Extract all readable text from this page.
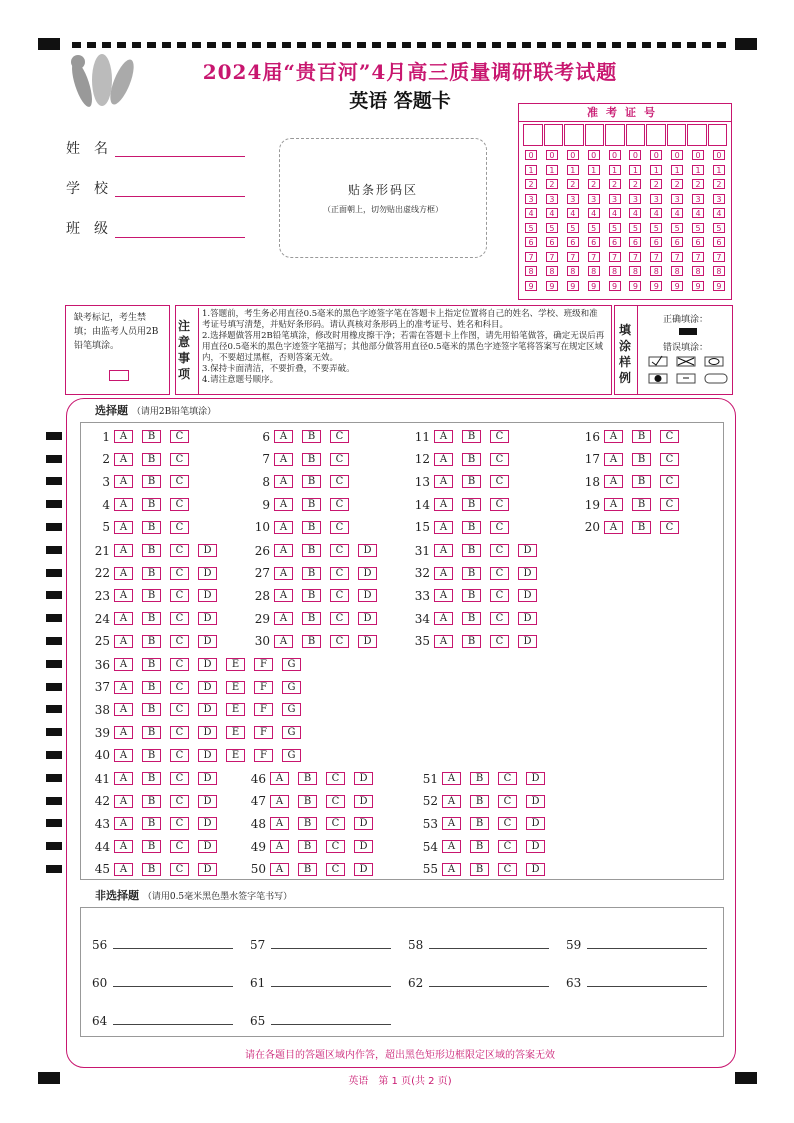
2024届“贵百河”4月高三质量调研联考试题
英语 答题卡
姓名
学校
班级
贴条形码区
（正面朝上，切勿贴出虚线方框）
准考证号
0	0	0	0	0	0	0	0	0	0
1	1	1	1	1	1	1	1	1	1
2	2	2	2	2	2	2	2	2	2
3	3	3	3	3	3	3	3	3	3
4	4	4	4	4	4	4	4	4	4
5	5	5	5	5	5	5	5	5	5
6	6	6	6	6	6	6	6	6	6
7	7	7	7	7	7	7	7	7	7
8	8	8	8	8	8	8	8	8	8
9	9	9	9	9	9	9	9	9	9
缺考标记，考生禁填；由监考人员用2B铅笔填涂。
注意事项
1.答题前，考生务必用直径0.5毫米的黑色字迹签字笔在答题卡上指定位置将自己的姓名、学校、班级和准考证号填写清楚，并贴好条形码。请认真核对条形码上的准考证号、姓名和科目。
2.选择题做答用2B铅笔填涂，修改时用橡皮擦干净；若需在答题卡上作图，请先用铅笔做答，确定无误后再用直径0.5毫米的黑色字迹签字笔描写；其他部分做答用直径0.5毫米的黑色字迹签字笔将答案写在规定区域内，不要超过黑框，否则答案无效。
3.保持卡面清洁，不要折叠，不要弄破。
4.请注意题号顺序。
填涂样例
正确填涂：
错误填涂：
选择题 （请用2B铅笔填涂）
1 A	B	C
2 A	B	C
3 A	B	C
4 A	B	C
5 A	B	C
6 A	B	C
7 A	B	C
8 A	B	C
9 A	B	C
10 A	B	C
11 A	B	C
12 A	B	C
13 A	B	C
14 A	B	C
15 A	B	C
16 A	B	C
17 A	B	C
18 A	B	C
19 A	B	C
20 A	B	C
21 A	B	C	D
22 A	B	C	D
23 A	B	C	D
24 A	B	C	D
25 A	B	C	D
26 A	B	C	D
27 A	B	C	D
28 A	B	C	D
29 A	B	C	D
30 A	B	C	D
31 A	B	C	D
32 A	B	C	D
33 A	B	C	D
34 A	B	C	D
35 A	B	C	D
36 A	B	C	D	E	F	G
37 A	B	C	D	E	F	G
38 A	B	C	D	E	F	G
39 A	B	C	D	E	F	G
40 A	B	C	D	E	F	G
41 A	B	C	D
42 A	B	C	D
43 A	B	C	D
44 A	B	C	D
45 A	B	C	D
46 A	B	C	D
47 A	B	C	D
48 A	B	C	D
49 A	B	C	D
50 A	B	C	D
51 A	B	C	D
52 A	B	C	D
53 A	B	C	D
54 A	B	C	D
55 A	B	C	D
非选择题 （请用0.5毫米黑色墨水签字笔书写）
56	57	58	59
60	61	62	63
64	65
请在各题目的答题区域内作答，超出黑色矩形边框限定区域的答案无效
英语　第 1 页(共 2 页)
